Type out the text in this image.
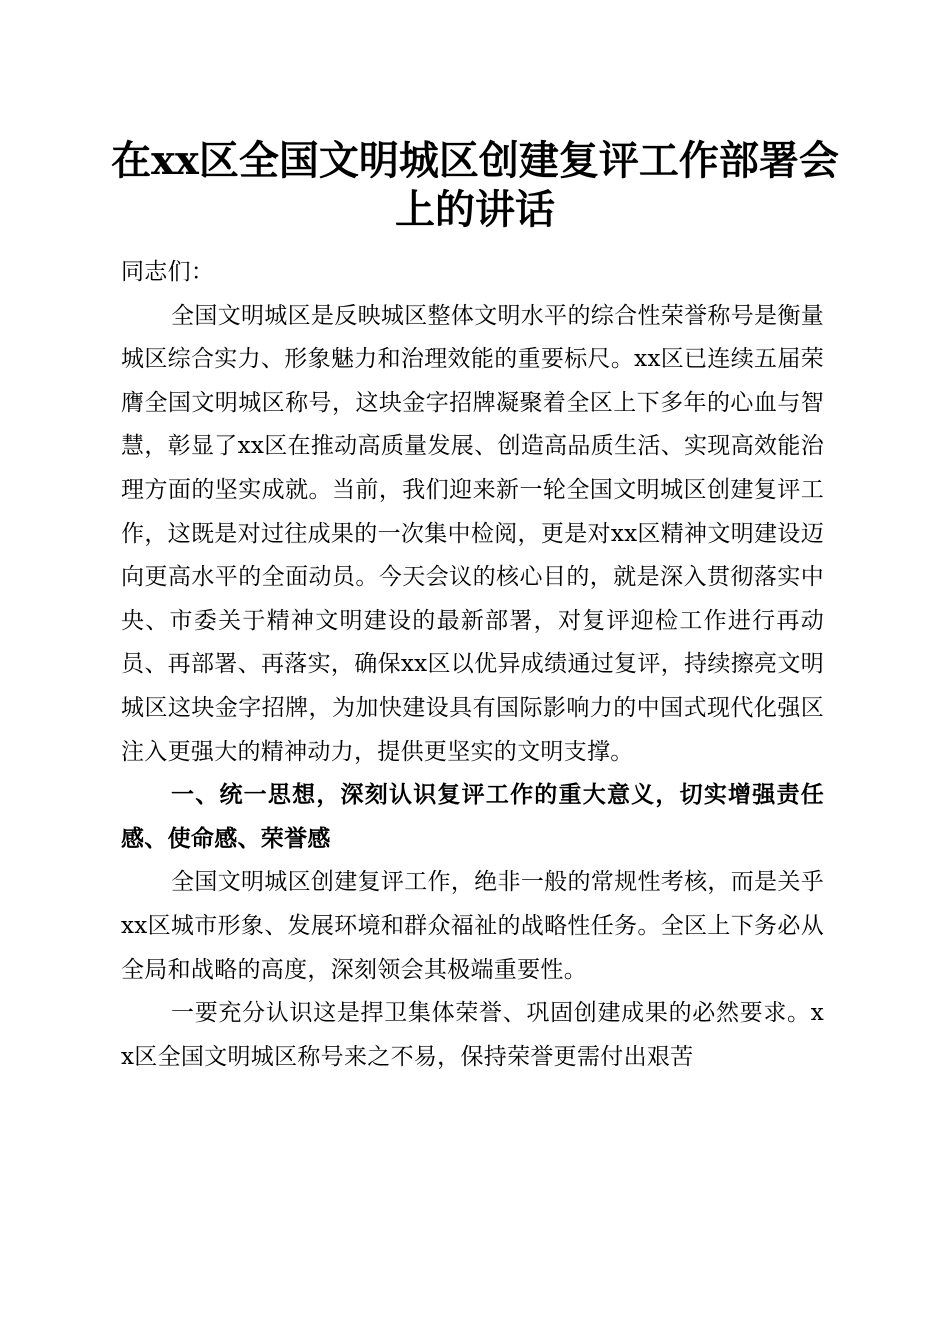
在xx区全国文明城区创建复评工作部署会上的讲话

同志们：

全国文明城区是反映城区整体文明水平的综合性荣誉称号是衡量城区综合实力、形象魅力和治理效能的重要标尺。xx区已连续五届荣膺全国文明城区称号，这块金字招牌凝聚着全区上下多年的心血与智慧，彰显了xx区在推动高质量发展、创造高品质生活、实现高效能治理方面的坚实成就。当前，我们迎来新一轮全国文明城区创建复评工作，这既是对过往成果的一次集中检阅，更是对xx区精神文明建设迈向更高水平的全面动员。今天会议的核心目的，就是深入贯彻落实中央、市委关于精神文明建设的最新部署，对复评迎检工作进行再动员、再部署、再落实，确保xx区以优异成绩通过复评，持续擦亮文明城区这块金字招牌，为加快建设具有国际影响力的中国式现代化强区注入更强大的精神动力，提供更坚实的文明支撑。

一、统一思想，深刻认识复评工作的重大意义，切实增强责任感、使命感、荣誉感

全国文明城区创建复评工作，绝非一般的常规性考核，而是关乎xx区城市形象、发展环境和群众福祉的战略性任务。全区上下务必从全局和战略的高度，深刻领会其极端重要性。

一要充分认识这是捍卫集体荣誉、巩固创建成果的必然要求。xx区全国文明城区称号来之不易，保持荣誉更需付出艰苦
